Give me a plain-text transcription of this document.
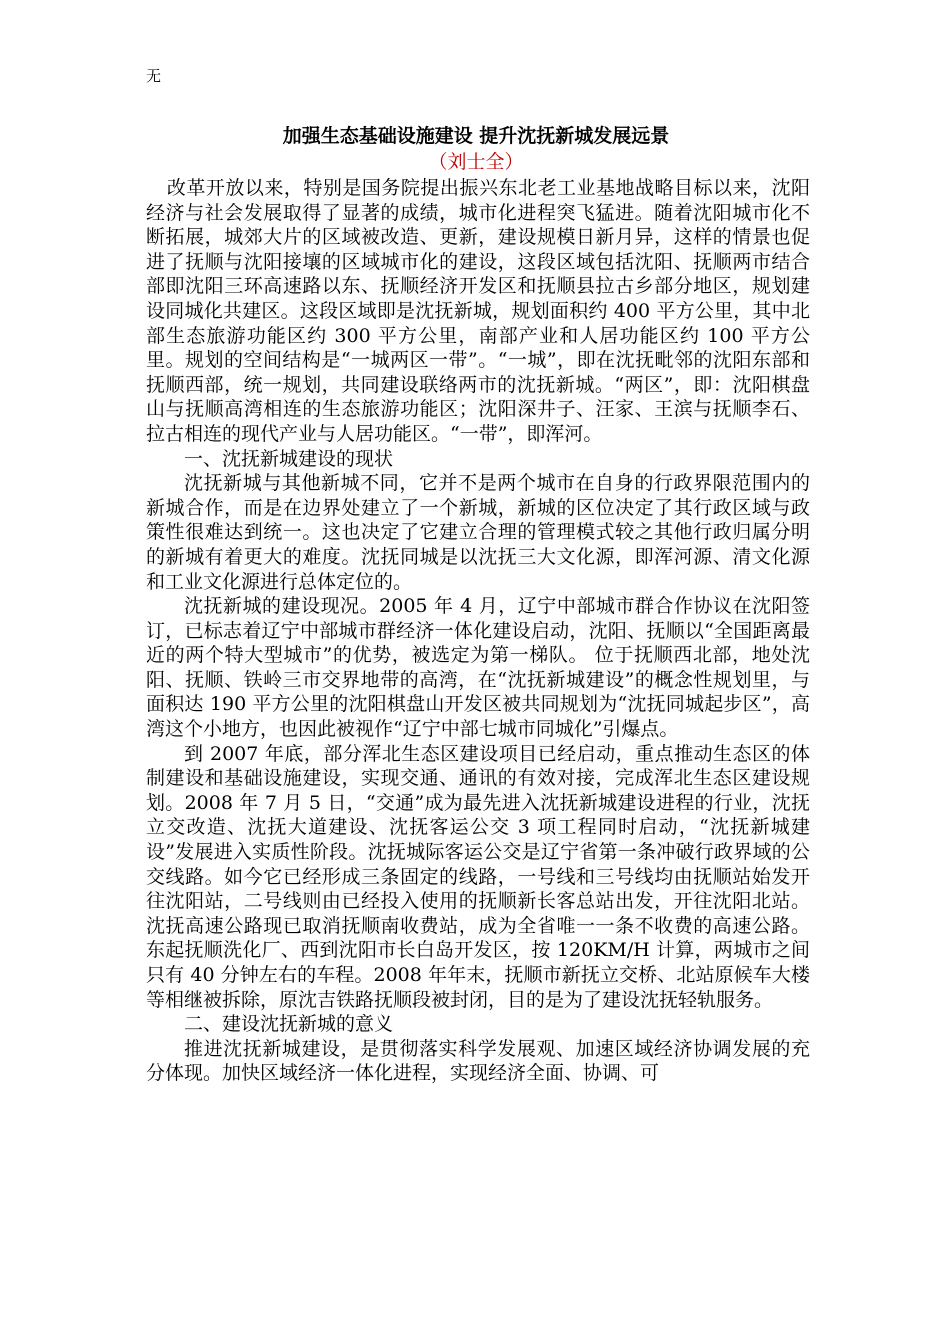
无
加强生态基础设施建设 提升沈抚新城发展远景
（刘士全）

改革开放以来，特别是国务院提出振兴东北老工业基地战略目标以来，沈阳经济与社会发展取得了显著的成绩，城市化进程突飞猛进。随着沈阳城市化不断拓展，城郊大片的区域被改造、更新，建设规模日新月异，这样的情景也促进了抚顺与沈阳接壤的区域城市化的建设，这段区域包括沈阳、抚顺两市结合部即沈阳三环高速路以东、抚顺经济开发区和抚顺县拉古乡部分地区，规划建设同城化共建区。这段区域即是沈抚新城，规划面积约 400 平方公里，其中北部生态旅游功能区约 300 平方公里，南部产业和人居功能区约 100 平方公里。规划的空间结构是“一城两区一带”。“一城”，即在沈抚毗邻的沈阳东部和抚顺西部，统一规划，共同建设联络两市的沈抚新城。“两区”，即：沈阳棋盘山与抚顺高湾相连的生态旅游功能区；沈阳深井子、汪家、王滨与抚顺李石、拉古相连的现代产业与人居功能区。“一带”，即浑河。

一、沈抚新城建设的现状

沈抚新城与其他新城不同，它并不是两个城市在自身的行政界限范围内的新城合作，而是在边界处建立了一个新城，新城的区位决定了其行政区域与政策性很难达到统一。这也决定了它建立合理的管理模式较之其他行政归属分明的新城有着更大的难度。沈抚同城是以沈抚三大文化源，即浑河源、清文化源和工业文化源进行总体定位的。

沈抚新城的建设现况。2005 年 4 月，辽宁中部城市群合作协议在沈阳签订，已标志着辽宁中部城市群经济一体化建设启动，沈阳、抚顺以“全国距离最近的两个特大型城市”的优势，被选定为第一梯队。 位于抚顺西北部，地处沈阳、抚顺、铁岭三市交界地带的高湾，在“沈抚新城建设”的概念性规划里，与面积达 190 平方公里的沈阳棋盘山开发区被共同规划为“沈抚同城起步区”，高湾这个小地方，也因此被视作“辽宁中部七城市同城化”引爆点。

到 2007 年底，部分浑北生态区建设项目已经启动，重点推动生态区的体制建设和基础设施建设，实现交通、通讯的有效对接，完成浑北生态区建设规划。2008 年 7 月 5 日，“交通”成为最先进入沈抚新城建设进程的行业，沈抚立交改造、沈抚大道建设、沈抚客运公交 3 项工程同时启动，“沈抚新城建设”发展进入实质性阶段。沈抚城际客运公交是辽宁省第一条冲破行政界域的公交线路。如今它已经形成三条固定的线路，一号线和三号线均由抚顺站始发开往沈阳站，二号线则由已经投入使用的抚顺新长客总站出发，开往沈阳北站。沈抚高速公路现已取消抚顺南收费站，成为全省唯一一条不收费的高速公路。东起抚顺洗化厂、西到沈阳市长白岛开发区，按 120KM/H 计算，两城市之间只有 40 分钟左右的车程。2008 年年末，抚顺市新抚立交桥、北站原候车大楼等相继被拆除，原沈吉铁路抚顺段被封闭，目的是为了建设沈抚轻轨服务。

二、建设沈抚新城的意义

推进沈抚新城建设，是贯彻落实科学发展观、加速区域经济协调发展的充分体现。加快区域经济一体化进程，实现经济全面、协调、可
